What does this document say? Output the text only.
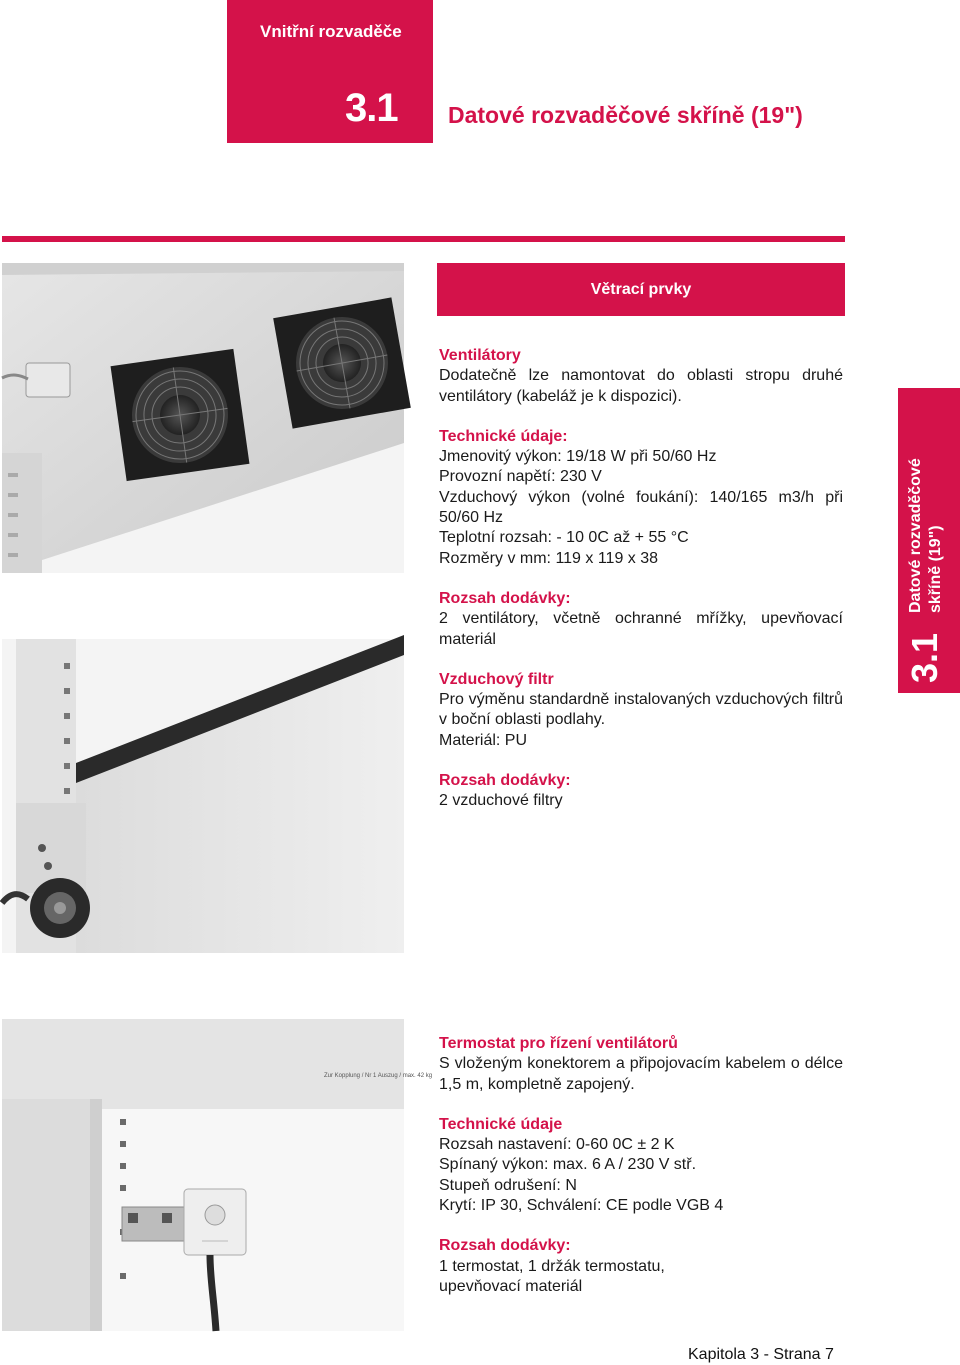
Vnitřní rozvaděče
3.1 Datové rozvaděčové skříně (19")
Zur Kopplung / Nr 1 Auszug / max. 42 kg
Větrací prvky
Ventilátory

Dodatečně lze namontovat do oblasti stropu druhé ventilátory (kabeláž je k dispozici).

Technické údaje:

Jmenovitý výkon: 19/18 W při 50/60 Hz

Provozní napětí: 230 V

Vzduchový výkon (volné foukání): 140/165 m3/h při 50/60 Hz

Teplotní rozsah: - 10 0C až + 55 °C

Rozměry v mm: 119 x 119 x 38

Rozsah dodávky:

2 ventilátory, včetně ochranné mřížky, upevňovací materiál

Vzduchový filtr

Pro výměnu standardně instalovaných vzduchových filtrů v boční oblasti podlahy.

Materiál: PU

Rozsah dodávky:

2 vzduchové filtry

Termostat pro řízení ventilátorů

S vloženým konektorem a připojovacím kabelem o délce 1,5 m, kompletně zapojený.

Technické údaje

Rozsah nastavení: 0-60 0C ± 2 K

Spínaný výkon: max. 6 A / 230 V stř.

Stupeň odrušení: N

Krytí: IP 30, Schválení: CE podle VGB 4

Rozsah dodávky:

1 termostat, 1 držák termostatu, upevňovací materiál

3.1
Datové rozvaděčové skříně (19")
Kapitola 3 - Strana 7
